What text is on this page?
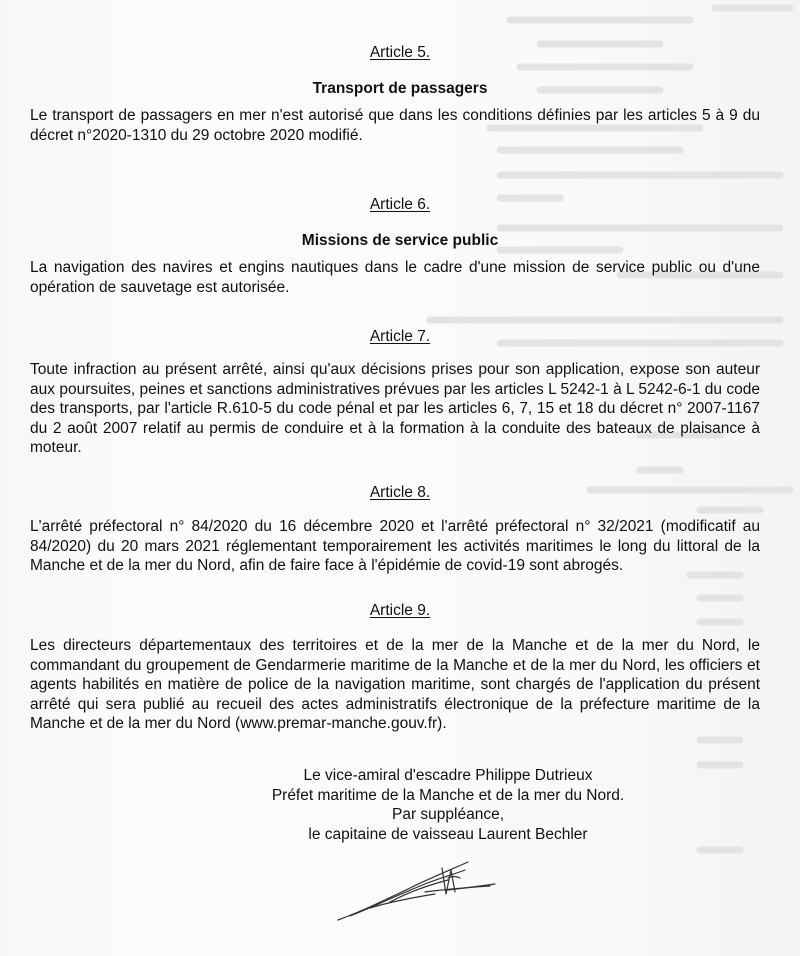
Article 5.
Transport de passagers
Le transport de passagers en mer n'est autorisé que dans les conditions définies par les articles 5 à 9 du décret n°2020-1310 du 29 octobre 2020 modifié.
Article 6.
Missions de service public
La navigation des navires et engins nautiques dans le cadre d'une mission de service public ou d'une opération de sauvetage est autorisée.
Article 7.
Toute infraction au présent arrêté, ainsi qu'aux décisions prises pour son application, expose son auteur aux poursuites, peines et sanctions administratives prévues par les articles L 5242-1 à L 5242-6-1 du code des transports, par l'article R.610-5 du code pénal et par les articles 6, 7, 15 et 18 du décret n° 2007-1167 du 2 août 2007 relatif au permis de conduire et à la formation à la conduite des bateaux de plaisance à moteur.
Article 8.
L'arrêté préfectoral n° 84/2020 du 16 décembre 2020 et l'arrêté préfectoral n° 32/2021 (modificatif au 84/2020) du 20 mars 2021 réglementant temporairement les activités maritimes le long du littoral de la Manche et de la mer du Nord, afin de faire face à l'épidémie de covid-19 sont abrogés.
Article 9.
Les directeurs départementaux des territoires et de la mer de la Manche et de la mer du Nord, le commandant du groupement de Gendarmerie maritime de la Manche et de la mer du Nord, les officiers et agents habilités en matière de police de la navigation maritime, sont chargés de l'application du présent arrêté qui sera publié au recueil des actes administratifs électronique de la préfecture maritime de la Manche et de la mer du Nord (www.premar-manche.gouv.fr).
Le vice-amiral d'escadre Philippe Dutrieux
Préfet maritime de la Manche et de la mer du Nord.
Par suppléance,
le capitaine de vaisseau Laurent Bechler
